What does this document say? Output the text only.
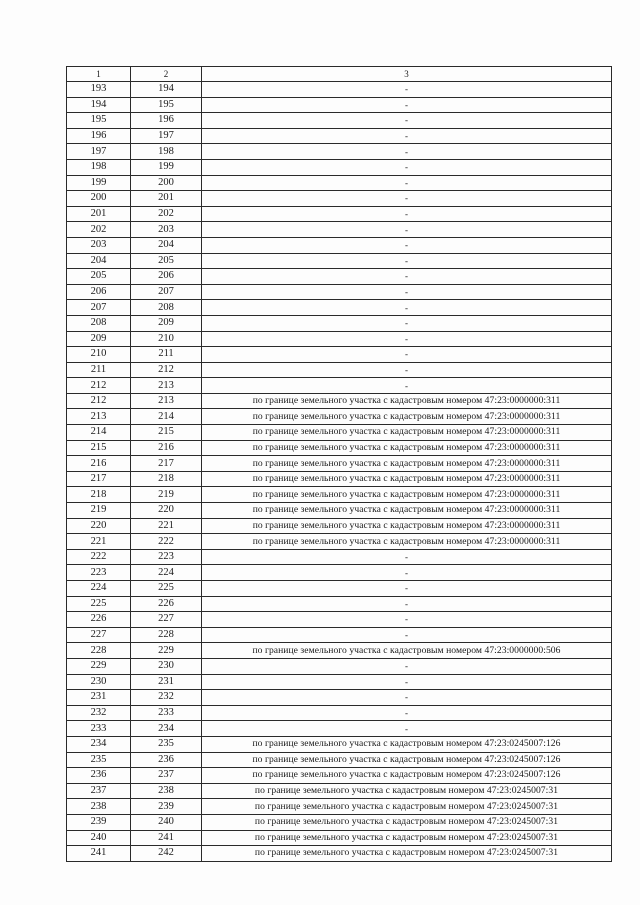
1	2	3
193	194	-
194	195	-
195	196	-
196	197	-
197	198	-
198	199	-
199	200	-
200	201	-
201	202	-
202	203	-
203	204	-
204	205	-
205	206	-
206	207	-
207	208	-
208	209	-
209	210	-
210	211	-
211	212	-
212	213	-
212	213	по границе земельного участка с кадастровым номером 47:23:0000000:311
213	214	по границе земельного участка с кадастровым номером 47:23:0000000:311
214	215	по границе земельного участка с кадастровым номером 47:23:0000000:311
215	216	по границе земельного участка с кадастровым номером 47:23:0000000:311
216	217	по границе земельного участка с кадастровым номером 47:23:0000000:311
217	218	по границе земельного участка с кадастровым номером 47:23:0000000:311
218	219	по границе земельного участка с кадастровым номером 47:23:0000000:311
219	220	по границе земельного участка с кадастровым номером 47:23:0000000:311
220	221	по границе земельного участка с кадастровым номером 47:23:0000000:311
221	222	по границе земельного участка с кадастровым номером 47:23:0000000:311
222	223	-
223	224	-
224	225	-
225	226	-
226	227	-
227	228	-
228	229	по границе земельного участка с кадастровым номером 47:23:0000000:506
229	230	-
230	231	-
231	232	-
232	233	-
233	234	-
234	235	по границе земельного участка с кадастровым номером 47:23:0245007:126
235	236	по границе земельного участка с кадастровым номером 47:23:0245007:126
236	237	по границе земельного участка с кадастровым номером 47:23:0245007:126
237	238	по границе земельного участка с кадастровым номером 47:23:0245007:31
238	239	по границе земельного участка с кадастровым номером 47:23:0245007:31
239	240	по границе земельного участка с кадастровым номером 47:23:0245007:31
240	241	по границе земельного участка с кадастровым номером 47:23:0245007:31
241	242	по границе земельного участка с кадастровым номером 47:23:0245007:31
